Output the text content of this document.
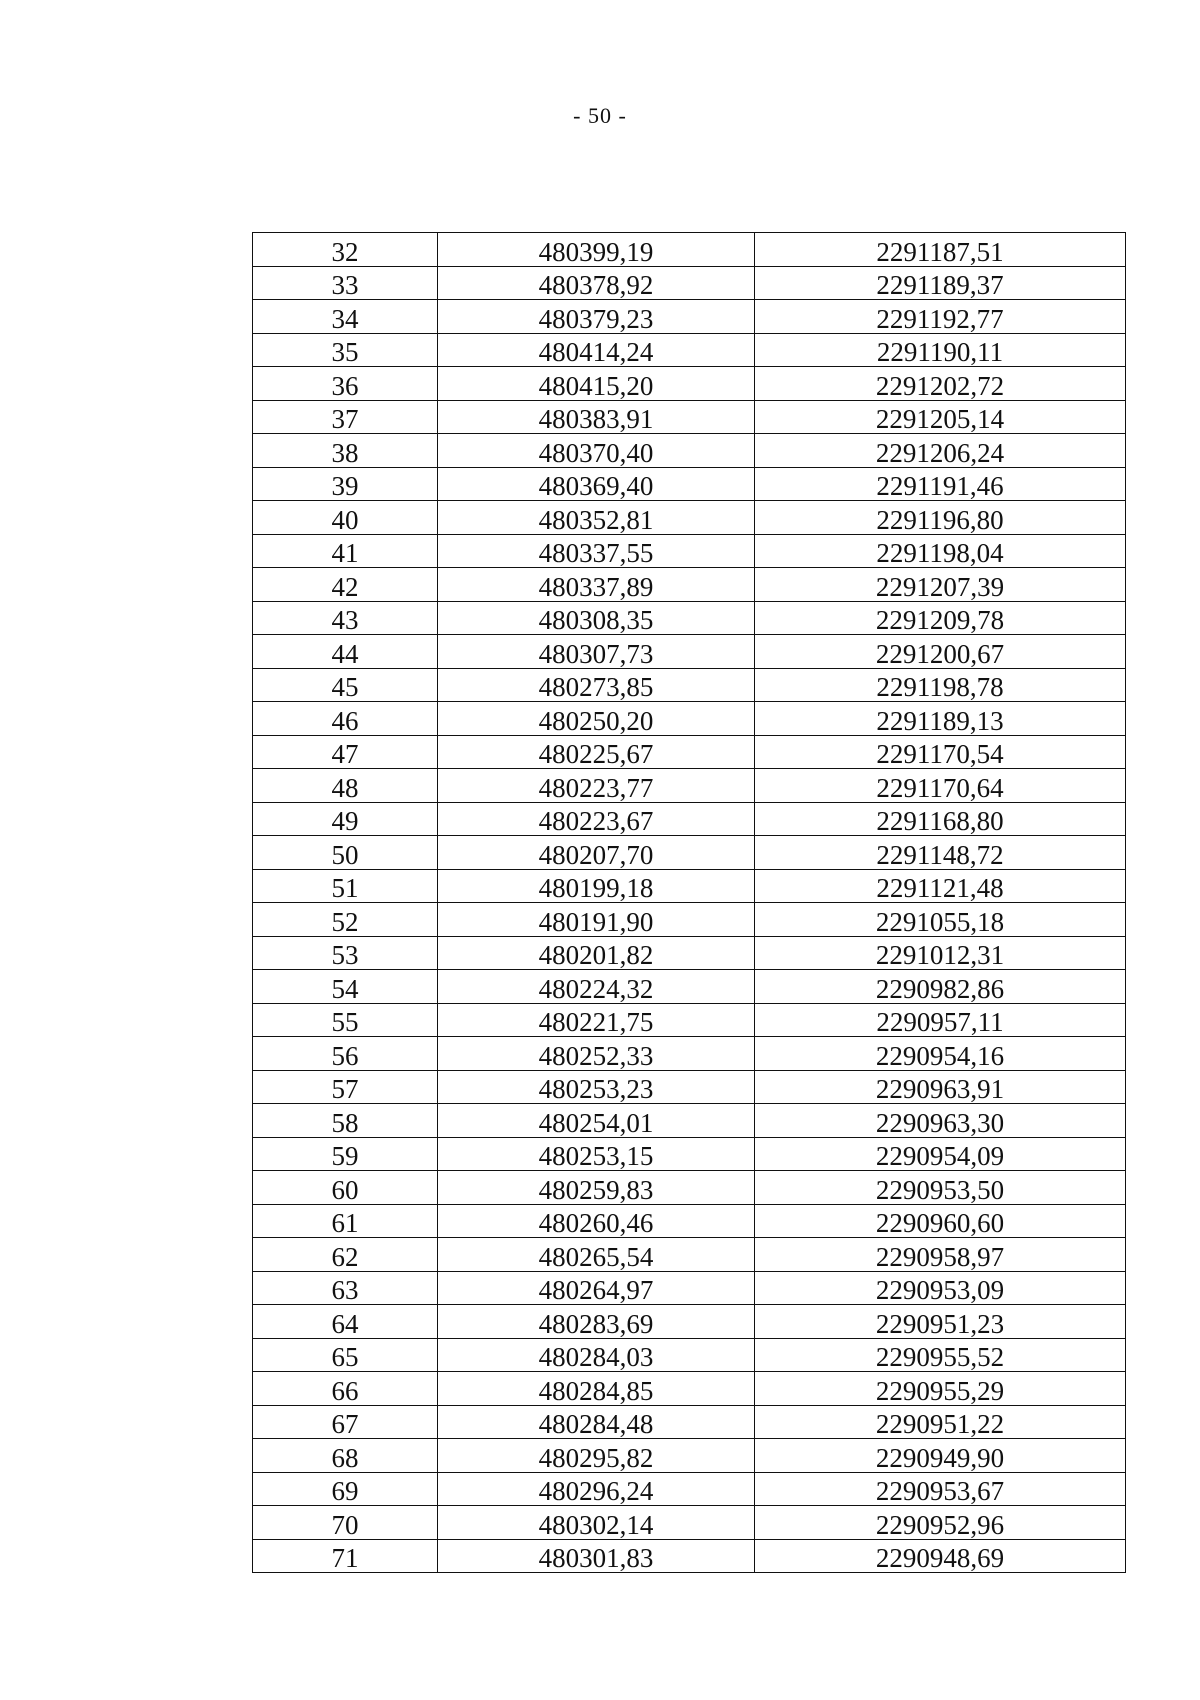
- 50 -
32	480399,19	2291187,51
33	480378,92	2291189,37
34	480379,23	2291192,77
35	480414,24	2291190,11
36	480415,20	2291202,72
37	480383,91	2291205,14
38	480370,40	2291206,24
39	480369,40	2291191,46
40	480352,81	2291196,80
41	480337,55	2291198,04
42	480337,89	2291207,39
43	480308,35	2291209,78
44	480307,73	2291200,67
45	480273,85	2291198,78
46	480250,20	2291189,13
47	480225,67	2291170,54
48	480223,77	2291170,64
49	480223,67	2291168,80
50	480207,70	2291148,72
51	480199,18	2291121,48
52	480191,90	2291055,18
53	480201,82	2291012,31
54	480224,32	2290982,86
55	480221,75	2290957,11
56	480252,33	2290954,16
57	480253,23	2290963,91
58	480254,01	2290963,30
59	480253,15	2290954,09
60	480259,83	2290953,50
61	480260,46	2290960,60
62	480265,54	2290958,97
63	480264,97	2290953,09
64	480283,69	2290951,23
65	480284,03	2290955,52
66	480284,85	2290955,29
67	480284,48	2290951,22
68	480295,82	2290949,90
69	480296,24	2290953,67
70	480302,14	2290952,96
71	480301,83	2290948,69
